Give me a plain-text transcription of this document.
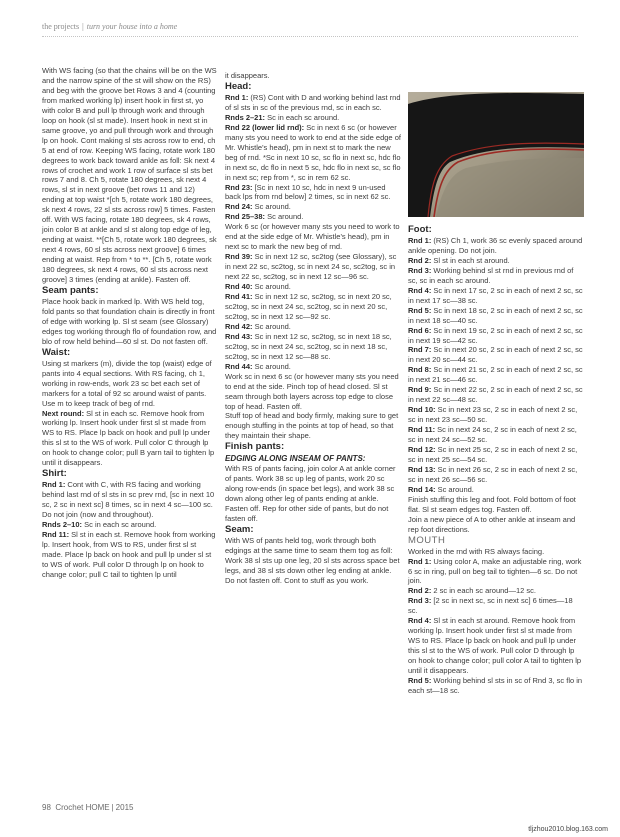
the projects | turn your house into a home

With WS facing (so that the chains will be on the WS and the narrow spine of the st will show on the RS) and beg with the groove bet Rows 3 and 4 (counting from marked working lp) insert hook in first st, yo with color B and pull lp through work and through loop on hook (sl st made). Insert hook in next st in same groove, yo and pull through work and through lp on hook. Cont making sl sts across row to end, ch 5 at end of row. Keeping WS facing, rotate work 180 degrees to work back toward ankle as foll: Sk next 4 rows of crochet and work 1 row of surface sl sts bet rows 7 and 8. Ch 5, rotate 180 degrees, sk next 4 rows, sl st in next groove (bet rows 11 and 12) ending at top waist *[ch 5, rotate work 180 degrees, sk next 4 rows, 22 sl sts across row] 5 times. Fasten off. With WS facing, rotate 180 degrees, sk 4 rows, join color B at ankle and sl st along top edge of leg, ending at waist. **[Ch 5, rotate work 180 degrees, sk next 4 rows, 60 sl sts across next groove] 6 times ending at waist. Rep from * to **. [Ch 5, rotate work 180 degrees, sk next 4 rows, 60 sl sts across next groove] 3 times (ending at ankle). Fasten off.

Seam pants:

Place hook back in marked lp. With WS held tog, fold pants so that foundation chain is directly in front of edge with working lp. Sl st seam (see Glossary) edges tog working through flo of foundation row, and blo of row held behind—60 sl st. Do not fasten off.

Waist:

Using st markers (m), divide the top (waist) edge of pants into 4 equal sections. With RS facing, ch 1, working in row-ends, work 23 sc bet each set of markers for a total of 92 sc around waist of pants. Use m to keep track of beg of rnd.

Next round: Sl st in each sc. Remove hook from working lp. Insert hook under first sl st made from WS to RS. Place lp back on hook and pull lp under this sl st to the WS of work. Pull color C through lp on hook to change color; pull B yarn tail to tighten lp until it disappears.

Shirt:

Rnd 1: Cont with C, with RS facing and working behind last rnd of sl sts in sc prev rnd, [sc in next 10 sc, 2 sc in next sc] 8 times, sc in next 4 sc—100 sc. Do not join (now and throughout).

Rnds 2–10: Sc in each sc around.

Rnd 11: Sl st in each st. Remove hook from working lp. Insert hook, from WS to RS, under first sl st made. Place lp back on hook and pull lp under sl st to WS of work. Pull color D through lp on hook to change color; pull C tail to tighten lp until

it disappears.

Head:

Rnd 1: (RS) Cont with D and working behind last rnd of sl sts in sc of the previous rnd, sc in each sc.

Rnds 2–21: Sc in each sc around.

Rnd 22 (lower lid rnd): Sc in next 6 sc (or however many sts you need to work to end at the side edge of Mr. Whistle's head), pm in next st to mark the new beg of rnd. *Sc in next 10 sc, sc flo in next sc, hdc flo in next sc, dc flo in next 5 sc, hdc flo in next sc, sc flo in next sc; rep from *, sc in rem 62 sc.

Rnd 23: [Sc in next 10 sc, hdc in next 9 un-used back lps from rnd below] 2 times, sc in next 62 sc.

Rnd 24: Sc around.

Rnd 25–38: Sc around.

Work 6 sc (or however many sts you need to work to end at the side edge of Mr. Whistle's head), pm in next sc to mark the new beg of rnd.

Rnd 39: Sc in next 12 sc, sc2tog (see Glossary), sc in next 22 sc, sc2tog, sc in next 24 sc, sc2tog, sc in next 22 sc, sc2tog, sc in next 12 sc—96 sc.

Rnd 40: Sc around.

Rnd 41: Sc in next 12 sc, sc2tog, sc in next 20 sc, sc2tog, sc in next 24 sc, sc2tog, sc in next 20 sc, sc2tog, sc in next 12 sc—92 sc.

Rnd 42: Sc around.

Rnd 43: Sc in next 12 sc, sc2tog, sc in next 18 sc, sc2tog, sc in next 24 sc, sc2tog, sc in next 18 sc, sc2tog, sc in next 12 sc—88 sc.

Rnd 44: Sc around.

Work sc in next 6 sc (or however many sts you need to end at the side. Pinch top of head closed. Sl st seam through both layers across top edge to close top of head. Fasten off.

Stuff top of head and body firmly, making sure to get enough stuffing in the points at top of head, so that they maintain their shape.

Finish pants:
EDGING ALONG INSEAM OF PANTS:

With RS of pants facing, join color A at ankle corner of pants. Work 38 sc up leg of pants, work 20 sc along row-ends (in space bet legs), and work 38 sc down along other leg of pants ending at ankle. Fasten off. Rep for other side of pants, but do not fasten off.

Seam:

With WS of pants held tog, work through both edgings at the same time to seam them tog as foll: Work 38 sl sts up one leg, 20 sl sts across space bet legs, and 38 sl sts down other leg ending at ankle. Do not fasten off. Cont to stuff as you work.

Foot:

Rnd 1: (RS) Ch 1, work 36 sc evenly spaced around ankle opening. Do not join.

Rnd 2: Sl st in each st around.

Rnd 3: Working behind sl st rnd in previous rnd of sc, sc in each sc around.

Rnd 4: Sc in next 17 sc, 2 sc in each of next 2 sc, sc in next 17 sc—38 sc.

Rnd 5: Sc in next 18 sc, 2 sc in each of next 2 sc, sc in next 18 sc—40 sc.

Rnd 6: Sc in next 19 sc, 2 sc in each of next 2 sc, sc in next 19 sc—42 sc.

Rnd 7: Sc in next 20 sc, 2 sc in each of next 2 sc, sc in next 20 sc—44 sc.

Rnd 8: Sc in next 21 sc, 2 sc in each of next 2 sc, sc in next 21 sc—46 sc.

Rnd 9: Sc in next 22 sc, 2 sc in each of next 2 sc, sc in next 22 sc—48 sc.

Rnd 10: Sc in next 23 sc, 2 sc in each of next 2 sc, sc in next 23 sc—50 sc.

Rnd 11: Sc in next 24 sc, 2 sc in each of next 2 sc, sc in next 24 sc—52 sc.

Rnd 12: Sc in next 25 sc, 2 sc in each of next 2 sc, sc in next 25 sc—54 sc.

Rnd 13: Sc in next 26 sc, 2 sc in each of next 2 sc, sc in next 26 sc—56 sc.

Rnd 14: Sc around.

Finish stuffing this leg and foot. Fold bottom of foot flat. Sl st seam edges tog. Fasten off.

Join a new piece of A to other ankle at inseam and rep foot directions.

MOUTH

Worked in the rnd with RS always facing.

Rnd 1: Using color A, make an adjustable ring, work 6 sc in ring, pull on beg tail to tighten—6 sc. Do not join.

Rnd 2: 2 sc in each sc around—12 sc.

Rnd 3: [2 sc in next sc, sc in next sc] 6 times—18 sc.

Rnd 4: Sl st in each st around. Remove hook from working lp. Insert hook under first sl st made from WS to RS. Place lp back on hook and pull lp under this sl st to the WS of work. Pull color D through lp on hook to change color; pull color A tail to tighten lp until it disappears.

Rnd 5: Working behind sl sts in sc of Rnd 3, sc flo in each st—18 sc.

98 Crochet HOME | 2015
tljzhou2010.blog.163.com
